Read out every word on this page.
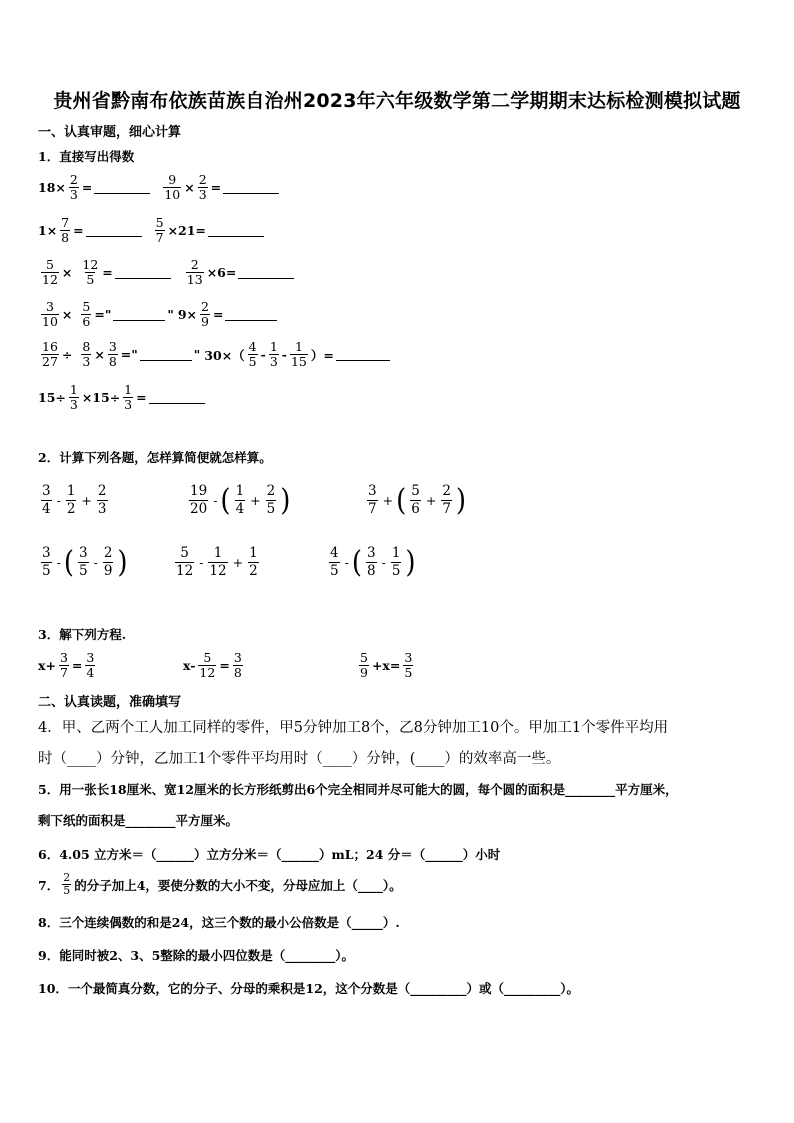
贵州省黔南布依族苗族自治州2023年六年级数学第二学期期末达标检测模拟试题
一、认真审题，细心计算
1．直接写出得数
$18\times \frac{2}{3}$ =	$\frac{9}{10} \times \frac{2}{3}$ =
$1\times \frac{7}{8}$ =	$\frac{5}{7} \times 21=$
$\frac{5}{12} \times \frac{12}{5}$ =	$\frac{2}{13} \times 6=$
$\frac{3}{10} \times \frac{5}{6}$ ="	" $9\times \frac{2}{9}$ =
$\frac{16}{27} \div \frac{8}{3} \times \frac{3}{8}$ ="	" $30\times( \frac{4}{5} - \frac{1}{3} - \frac{1}{15}$ ）=
$15\div \frac{1}{3} \times 15\div \frac{1}{3}$ =
2．计算下列各题，怎样算简便就怎样算。
$\frac{3}{4} - \frac{1}{2} + \frac{2}{3}$	$\frac{19}{20}$ - ( $\frac{1}{4} + \frac{2}{5}$ )	$\frac{3}{7}$ + ( $\frac{5}{6} + \frac{2}{7}$ )
$\frac{3}{5}$ - ( $\frac{3}{5} - \frac{2}{9}$ )	$\frac{5}{12} - \frac{1}{12} + \frac{1}{2}$	$\frac{4}{5}$ - ( $\frac{3}{8} - \frac{1}{5}$ )
3．解下列方程.
$x+ \frac{3}{7} = \frac{3}{4}$	$x- \frac{5}{12} = \frac{3}{8}$	$\frac{5}{9} +x= \frac{3}{5}$
二、认真读题，准确填写
4．甲、乙两个工人加工同样的零件，甲5分钟加工8个，乙8分钟加工10个。甲加工1个零件平均用
时（____）分钟，乙加工1个零件平均用时（____）分钟，(____）的效率高一些。
5．用一张长18厘米、宽12厘米的长方形纸剪出6个完全相同并尽可能大的圆，每个圆的面积是________平方厘米，
剩下纸的面积是________平方厘米。
6．4.05 立方米＝（______）立方分米＝（______）mL；24 分＝（______）小时
7． $\frac{2}{5}$ 的分子加上4，要使分数的大小不变，分母应加上（____）。
8．三个连续偶数的和是24，这三个数的最小公倍数是（_____）.
9．能同时被2、3、5整除的最小四位数是（________）。
10．一个最简真分数，它的分子、分母的乘积是12，这个分数是（_________）或（_________）。
